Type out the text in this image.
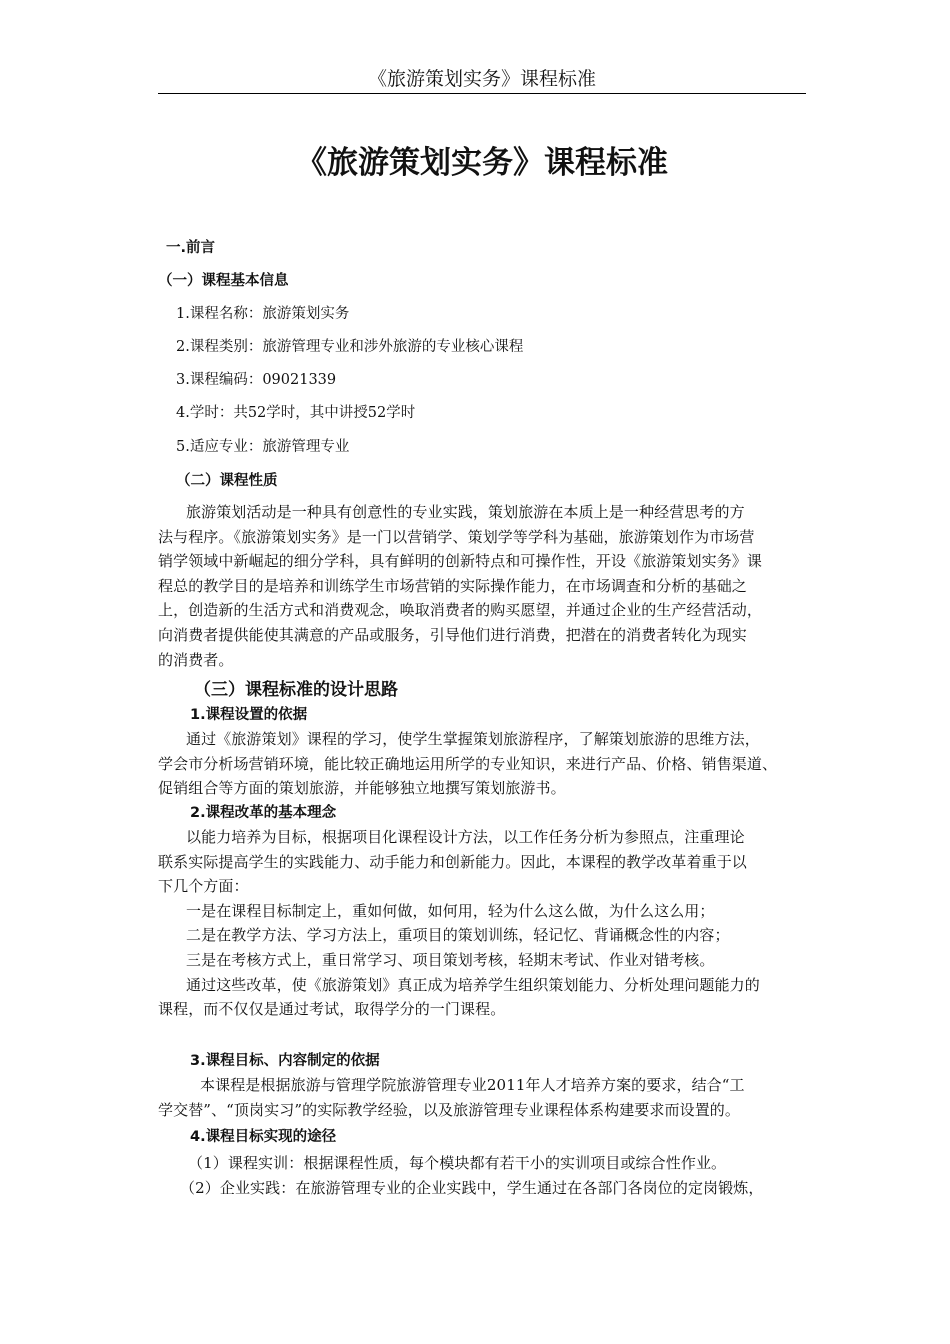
《旅游策划实务》课程标准
《旅游策划实务》课程标准
一.前言
（一）课程基本信息
1.课程名称：旅游策划实务
2.课程类别：旅游管理专业和涉外旅游的专业核心课程
3.课程编码：09021339
4.学时：共52学时，其中讲授52学时
5.适应专业：旅游管理专业
（二）课程性质
旅游策划活动是一种具有创意性的专业实践，策划旅游在本质上是一种经营思考的方
法与程序。《旅游策划实务》是一门以营销学、策划学等学科为基础，旅游策划作为市场营
销学领域中新崛起的细分学科，具有鲜明的创新特点和可操作性，开设《旅游策划实务》课
程总的教学目的是培养和训练学生市场营销的实际操作能力，在市场调查和分析的基础之
上，创造新的生活方式和消费观念，唤取消费者的购买愿望，并通过企业的生产经营活动，
向消费者提供能使其满意的产品或服务，引导他们进行消费，把潜在的消费者转化为现实
的消费者。
（三）课程标准的设计思路
1.课程设置的依据
通过《旅游策划》课程的学习，使学生掌握策划旅游程序，了解策划旅游的思维方法，
学会市分析场营销环境，能比较正确地运用所学的专业知识，来进行产品、价格、销售渠道、
促销组合等方面的策划旅游，并能够独立地撰写策划旅游书。
2.课程改革的基本理念
以能力培养为目标，根据项目化课程设计方法，以工作任务分析为参照点，注重理论
联系实际提高学生的实践能力、动手能力和创新能力。因此，本课程的教学改革着重于以
下几个方面：
一是在课程目标制定上，重如何做，如何用，轻为什么这么做，为什么这么用；
二是在教学方法、学习方法上，重项目的策划训练，轻记忆、背诵概念性的内容；
三是在考核方式上，重日常学习、项目策划考核，轻期末考试、作业对错考核。
通过这些改革，使《旅游策划》真正成为培养学生组织策划能力、分析处理问题能力的
课程，而不仅仅是通过考试，取得学分的一门课程。
3.课程目标、内容制定的依据
本课程是根据旅游与管理学院旅游管理专业2011年人才培养方案的要求，结合“工
学交替”、“顶岗实习”的实际教学经验，以及旅游管理专业课程体系构建要求而设置的。
4.课程目标实现的途径
（1）课程实训：根据课程性质，每个模块都有若干小的实训项目或综合性作业。
（2）企业实践：在旅游管理专业的企业实践中，学生通过在各部门各岗位的定岗锻炼，
